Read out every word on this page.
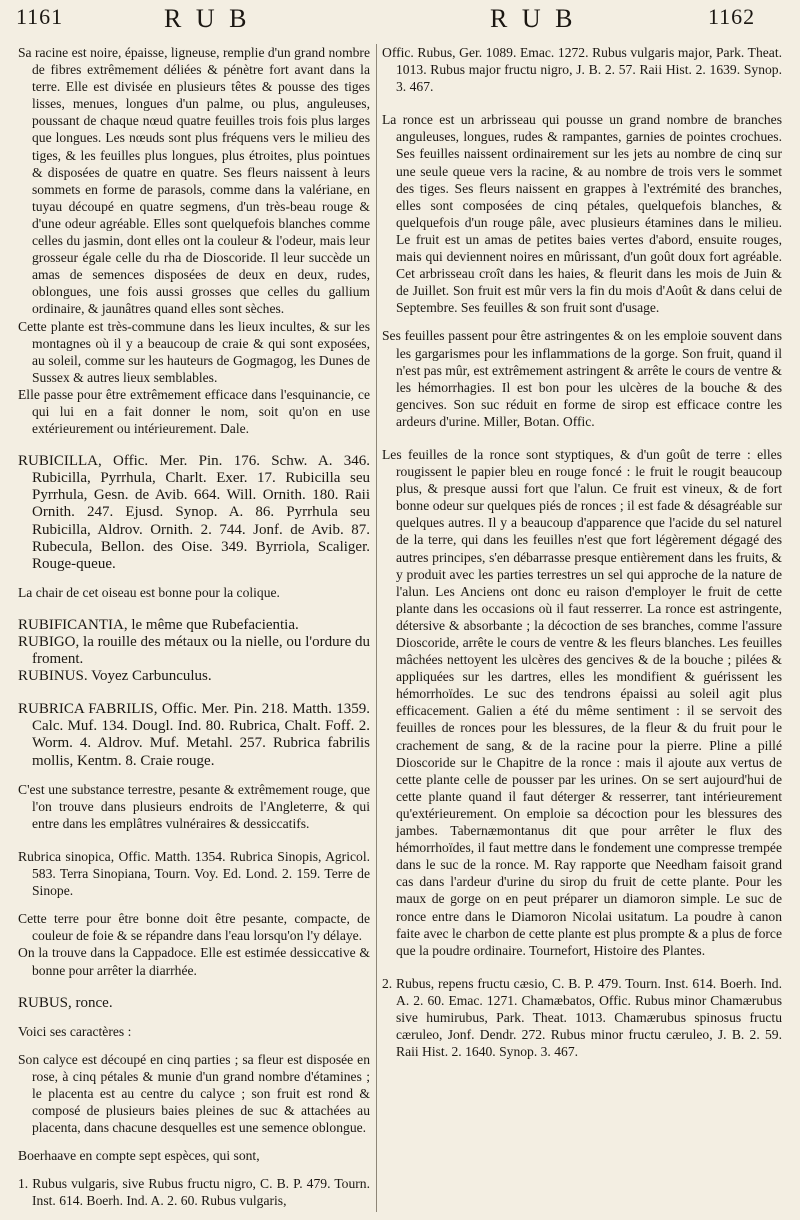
1161	R U B	R U B	1162

Sa racine est noire, épaisse, ligneuse, remplie d'un grand nombre de fibres extrêmement déliées & pénètre fort avant dans la terre. Elle est divisée en plusieurs têtes & pousse des tiges lisses, menues, longues d'un palme, ou plus, anguleuses, poussant de chaque nœud quatre feuilles trois fois plus larges que longues. Les nœuds sont plus fréquens vers le milieu des tiges, & les feuilles plus longues, plus étroites, plus pointues & disposées de quatre en quatre. Ses fleurs naissent à leurs sommets en forme de parasols, comme dans la valériane, en tuyau découpé en quatre segmens, d'un très-beau rouge & d'une odeur agréable. Elles sont quelquefois blanches comme celles du jasmin, dont elles ont la couleur & l'odeur, mais leur grosseur égale celle du rha de Dioscoride. Il leur succède un amas de semences disposées de deux en deux, rudes, oblongues, une fois aussi grosses que celles du gallium ordinaire, & jaunâtres quand elles sont sèches.

Cette plante est très-commune dans les lieux incultes, & sur les montagnes où il y a beaucoup de craie & qui sont exposées, au soleil, comme sur les hauteurs de Gogmagog, les Dunes de Sussex & autres lieux semblables.

Elle passe pour être extrêmement efficace dans l'esquinancie, ce qui lui en a fait donner le nom, soit qu'on en use extérieurement ou intérieurement. Dale.

RUBICILLA, Offic. Mer. Pin. 176. Schw. A. 346. Rubicilla, Pyrrhula, Charlt. Exer. 17. Rubicilla seu Pyrrhula, Gesn. de Avib. 664. Will. Ornith. 180. Raii Ornith. 247. Ejusd. Synop. A. 86. Pyrrhula seu Rubicilla, Aldrov. Ornith. 2. 744. Jonf. de Avib. 87. Rubecula, Bellon. des Oise. 349. Byrriola, Scaliger. Rouge-queue.

La chair de cet oiseau est bonne pour la colique.

RUBIFICANTIA, le même que Rubefacientia.

RUBIGO, la rouille des métaux ou la nielle, ou l'ordure du froment.

RUBINUS. Voyez Carbunculus.

RUBRICA FABRILIS, Offic. Mer. Pin. 218. Matth. 1359. Calc. Muf. 134. Dougl. Ind. 80. Rubrica, Chalt. Foff. 2. Worm. 4. Aldrov. Muf. Metahl. 257. Rubrica fabrilis mollis, Kentm. 8. Craie rouge.

C'est une substance terrestre, pesante & extrêmement rouge, que l'on trouve dans plusieurs endroits de l'Angleterre, & qui entre dans les emplâtres vulnéraires & dessiccatifs.

Rubrica sinopica, Offic. Matth. 1354. Rubrica Sinopis, Agricol. 583. Terra Sinopiana, Tourn. Voy. Ed. Lond. 2. 159. Terre de Sinope.

Cette terre pour être bonne doit être pesante, compacte, de couleur de foie & se répandre dans l'eau lorsqu'on l'y délaye.

On la trouve dans la Cappadoce. Elle est estimée dessiccative & bonne pour arrêter la diarrhée.

RUBUS, ronce.

Voici ses caractères :

Son calyce est découpé en cinq parties ; sa fleur est disposée en rose, à cinq pétales & munie d'un grand nombre d'étamines ; le placenta est au centre du calyce ; son fruit est rond & composé de plusieurs baies pleines de suc & attachées au placenta, dans chacune desquelles est une semence oblongue.

Boerhaave en compte sept espèces, qui sont,

1. Rubus vulgaris, sive Rubus fructu nigro, C. B. P. 479. Tourn. Inst. 614. Boerh. Ind. A. 2. 60. Rubus vulgaris,

Offic. Rubus, Ger. 1089. Emac. 1272. Rubus vulgaris major, Park. Theat. 1013. Rubus major fructu nigro, J. B. 2. 57. Raii Hist. 2. 1639. Synop. 3. 467.

La ronce est un arbrisseau qui pousse un grand nombre de branches anguleuses, longues, rudes & rampantes, garnies de pointes crochues. Ses feuilles naissent ordinairement sur les jets au nombre de cinq sur une seule queue vers la racine, & au nombre de trois vers le sommet des tiges. Ses fleurs naissent en grappes à l'extrémité des branches, elles sont composées de cinq pétales, quelquefois blanches, & quelquefois d'un rouge pâle, avec plusieurs étamines dans le milieu. Le fruit est un amas de petites baies vertes d'abord, ensuite rouges, mais qui deviennent noires en mûrissant, d'un goût doux fort agréable. Cet arbrisseau croît dans les haies, & fleurit dans les mois de Juin & de Juillet. Son fruit est mûr vers la fin du mois d'Août & dans celui de Septembre. Ses feuilles & son fruit sont d'usage.

Ses feuilles passent pour être astringentes & on les emploie souvent dans les gargarismes pour les inflammations de la gorge. Son fruit, quand il n'est pas mûr, est extrêmement astringent & arrête le cours de ventre & les hémorrhagies. Il est bon pour les ulcères de la bouche & des gencives. Son suc réduit en forme de sirop est efficace contre les ardeurs d'urine. Miller, Botan. Offic.

Les feuilles de la ronce sont styptiques, & d'un goût de terre : elles rougissent le papier bleu en rouge foncé : le fruit le rougit beaucoup plus, & presque aussi fort que l'alun. Ce fruit est vineux, & de fort bonne odeur sur quelques piés de ronces ; il est fade & désagréable sur quelques autres. Il y a beaucoup d'apparence que l'acide du sel naturel de la terre, qui dans les feuilles n'est que fort légèrement dégagé des autres principes, s'en débarrasse presque entièrement dans les fruits, & y produit avec les parties terrestres un sel qui approche de la nature de l'alun. Les Anciens ont donc eu raison d'employer le fruit de cette plante dans les occasions où il faut resserrer. La ronce est astringente, détersive & absorbante ; la décoction de ses branches, comme l'assure Dioscoride, arrête le cours de ventre & les fleurs blanches. Les feuilles mâchées nettoyent les ulcères des gencives & de la bouche ; pilées & appliquées sur les dartres, elles les mondifient & guérissent les hémorrhoïdes. Le suc des tendrons épaissi au soleil agit plus efficacement. Galien a été du même sentiment : il se servoit des feuilles de ronces pour les blessures, de la fleur & du fruit pour le crachement de sang, & de la racine pour la pierre. Pline a pillé Dioscoride sur le Chapitre de la ronce : mais il ajoute aux vertus de cette plante celle de pousser par les urines. On se sert aujourd'hui de cette plante quand il faut déterger & resserrer, tant intérieurement qu'extérieurement. On emploie sa décoction pour les blessures des jambes. Tabernæmontanus dit que pour arrêter le flux des hémorrhoïdes, il faut mettre dans le fondement une compresse trempée dans le suc de la ronce. M. Ray rapporte que Needham faisoit grand cas dans l'ardeur d'urine du sirop du fruit de cette plante. Pour les maux de gorge on en peut préparer un diamoron simple. Le suc de ronce entre dans le Diamoron Nicolai usitatum. La poudre à canon faite avec le charbon de cette plante est plus prompte & a plus de force que la poudre ordinaire. Tournefort, Histoire des Plantes.

2. Rubus, repens fructu cæsio, C. B. P. 479. Tourn. Inst. 614. Boerh. Ind. A. 2. 60. Emac. 1271. Chamæbatos, Offic. Rubus minor Chamærubus sive humirubus, Park. Theat. 1013. Chamærubus spinosus fructu cæruleo, Jonf. Dendr. 272. Rubus minor fructu cæruleo, J. B. 2. 59. Raii Hist. 2. 1640. Synop. 3. 467.
